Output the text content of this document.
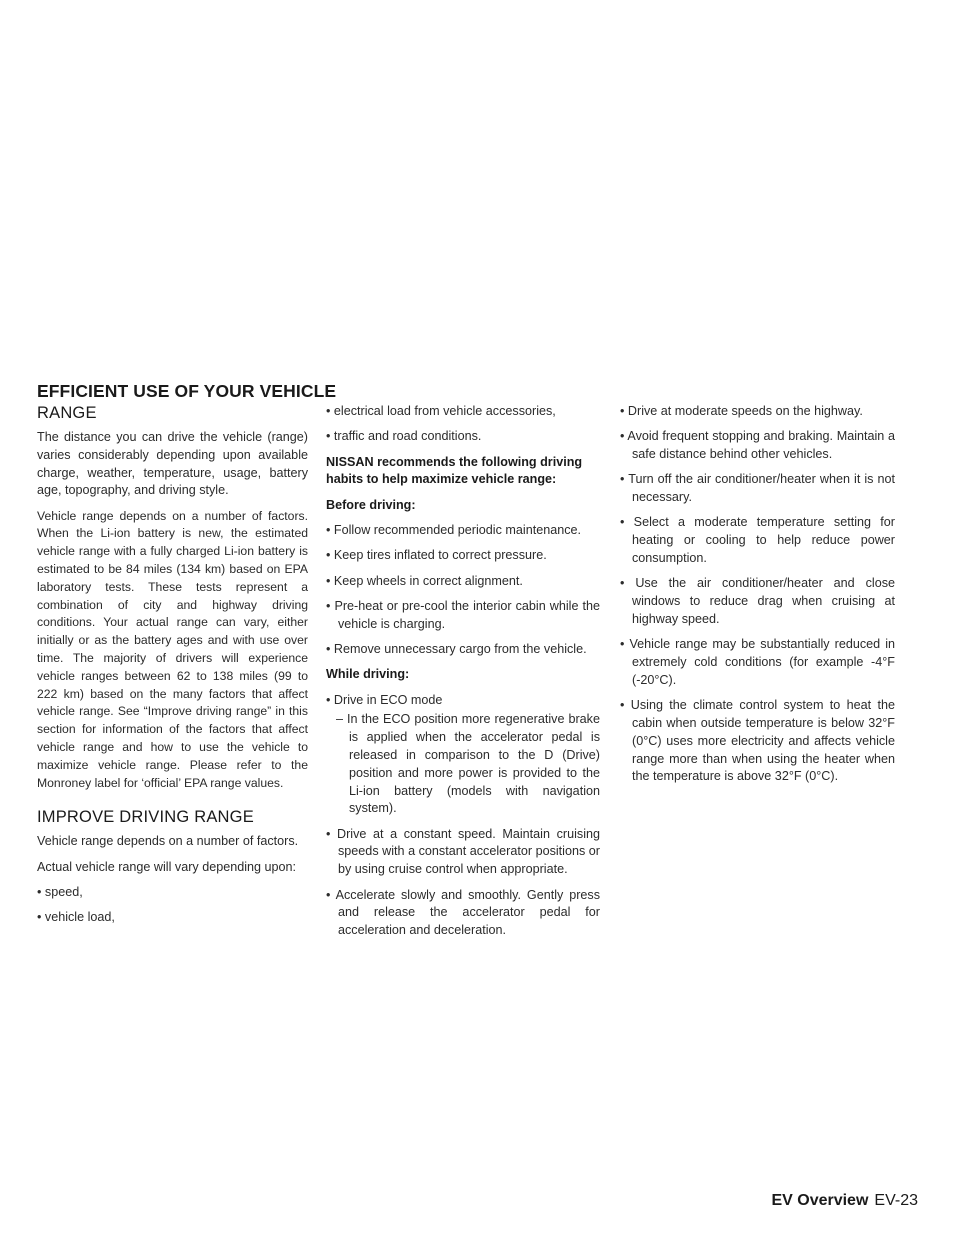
EFFICIENT USE OF YOUR VEHICLE
RANGE

The distance you can drive the vehicle (range) varies considerably depending upon available charge, weather, temperature, usage, battery age, topography, and driving style.

Vehicle range depends on a number of factors. When the Li-ion battery is new, the estimated vehicle range with a fully charged Li-ion battery is estimated to be 84 miles (134 km) based on EPA laboratory tests. These tests represent a combination of city and highway driving conditions. Your actual range can vary, either initially or as the battery ages and with use over time. The majority of drivers will experience vehicle ranges between 62 to 138 miles (99 to 222 km) based on the many factors that affect vehicle range. See “Improve driving range” in this section for information of the factors that affect vehicle range and how to use the vehicle to maximize vehicle range. Please refer to the Monroney label for ‘official’ EPA range values.

IMPROVE DRIVING RANGE

Vehicle range depends on a number of factors.

Actual vehicle range will vary depending upon:

• speed,
• vehicle load,
• electrical load from vehicle accessories,
• traffic and road conditions.
NISSAN recommends the following driving habits to help maximize vehicle range:
Before driving:
• Follow recommended periodic maintenance.
• Keep tires inflated to correct pressure.
• Keep wheels in correct alignment.
• Pre-heat or pre-cool the interior cabin while the vehicle is charging.
• Remove unnecessary cargo from the vehicle.
While driving:
• Drive in ECO mode
– In the ECO position more regenerative brake is applied when the accelerator pedal is released in comparison to the D (Drive) position and more power is provided to the Li-ion battery (models with navigation system).
• Drive at a constant speed. Maintain cruising speeds with a constant accelerator positions or by using cruise control when appropriate.
• Accelerate slowly and smoothly. Gently press and release the accelerator pedal for acceleration and deceleration.
• Drive at moderate speeds on the highway.
• Avoid frequent stopping and braking. Maintain a safe distance behind other vehicles.
• Turn off the air conditioner/heater when it is not necessary.
• Select a moderate temperature setting for heating or cooling to help reduce power consumption.
• Use the air conditioner/heater and close windows to reduce drag when cruising at highway speed.
• Vehicle range may be substantially reduced in extremely cold conditions (for example -4°F (-20°C).
• Using the climate control system to heat the cabin when outside temperature is below 32°F (0°C) uses more electricity and affects vehicle range more than when using the heater when the temperature is above 32°F (0°C).
EV Overview EV-23
